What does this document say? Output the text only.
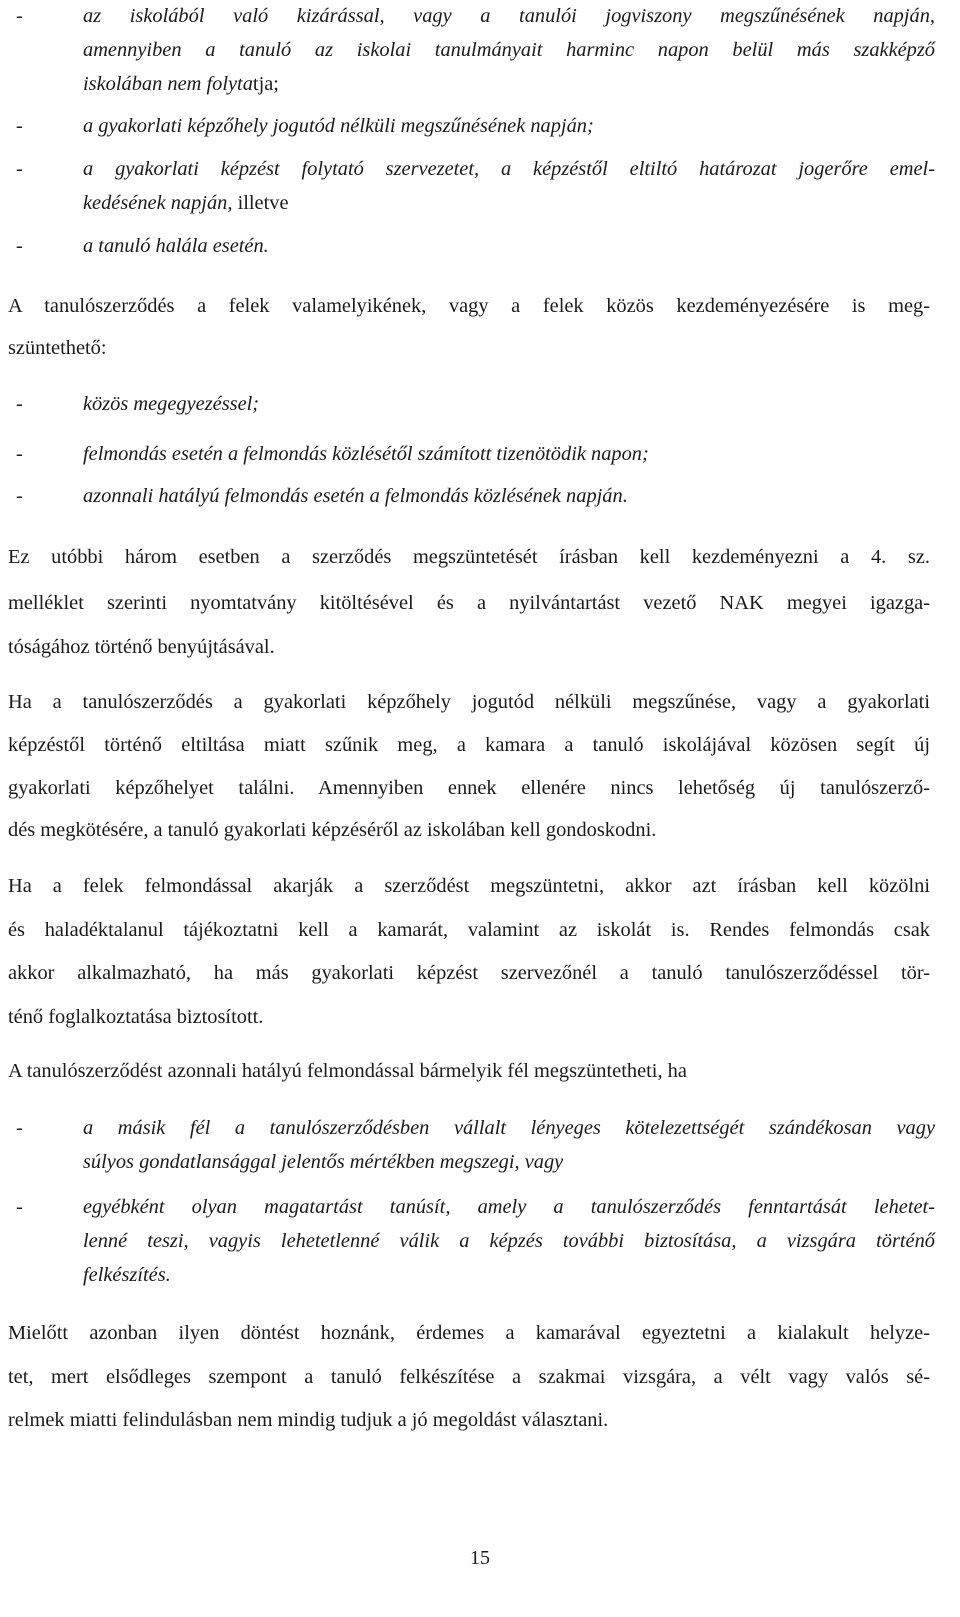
-	az iskolából való kizárással, vagy a tanulói jogviszony megszűnésének napján,
amennyiben a tanuló az iskolai tanulmányait harminc napon belül más szakképző
iskolában nem folytatja;
-	a gyakorlati képzőhely jogutód nélküli megszűnésének napján;
-	a gyakorlati képzést folytató szervezetet, a képzéstől eltiltó határozat jogerőre emel-
kedésének napján, illetve
-	a tanuló halála esetén.
A tanulószerződés a felek valamelyikének, vagy a felek közös kezdeményezésére is meg-
szüntethető:
-	közös megegyezéssel;
-	felmondás esetén a felmondás közlésétől számított tizenötödik napon;
-	azonnali hatályú felmondás esetén a felmondás közlésének napján.
Ez utóbbi három esetben a szerződés megszüntetését írásban kell kezdeményezni a 4. sz.
melléklet szerinti nyomtatvány kitöltésével és a nyilvántartást vezető NAK megyei igazga-
tóságához történő benyújtásával.
Ha a tanulószerződés a gyakorlati képzőhely jogutód nélküli megszűnése, vagy a gyakorlati
képzéstől történő eltiltása miatt szűnik meg, a kamara a tanuló iskolájával közösen segít új
gyakorlati képzőhelyet találni. Amennyiben ennek ellenére nincs lehetőség új tanulószerző-
dés megkötésére, a tanuló gyakorlati képzéséről az iskolában kell gondoskodni.
Ha a felek felmondással akarják a szerződést megszüntetni, akkor azt írásban kell közölni
és haladéktalanul tájékoztatni kell a kamarát, valamint az iskolát is. Rendes felmondás csak
akkor alkalmazható, ha más gyakorlati képzést szervezőnél a tanuló tanulószerződéssel tör-
ténő foglalkoztatása biztosított.
A tanulószerződést azonnali hatályú felmondással bármelyik fél megszüntetheti, ha
-	a másik fél a tanulószerződésben vállalt lényeges kötelezettségét szándékosan vagy
súlyos gondatlansággal jelentős mértékben megszegi, vagy
-	egyébként olyan magatartást tanúsít, amely a tanulószerződés fenntartását lehetet-
lenné teszi, vagyis lehetetlenné válik a képzés további biztosítása, a vizsgára történő
felkészítés.
Mielőtt azonban ilyen döntést hoznánk, érdemes a kamarával egyeztetni a kialakult helyze-
tet, mert elsődleges szempont a tanuló felkészítése a szakmai vizsgára, a vélt vagy valós sé-
relmek miatti felindulásban nem mindig tudjuk a jó megoldást választani.
15
